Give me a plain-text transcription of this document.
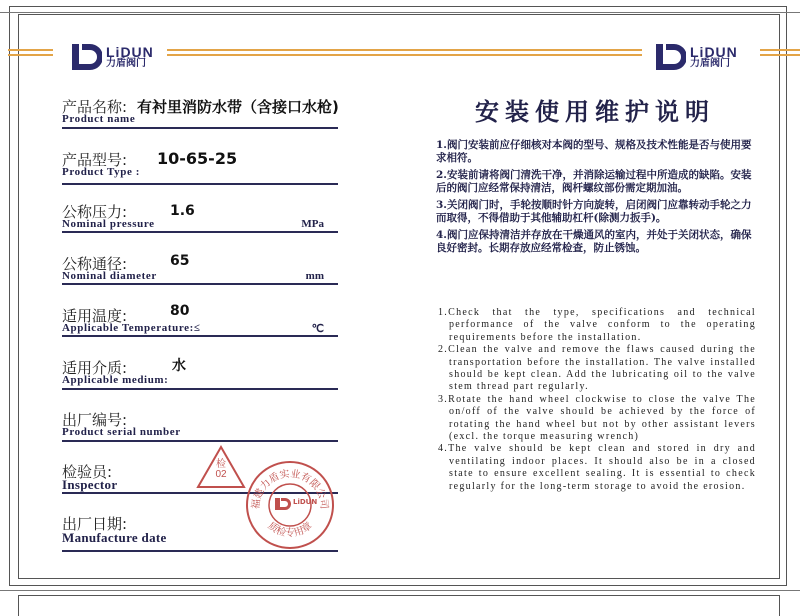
LiDUN
力盾阀门
LiDUN
力盾阀门
产品名称: 有衬里消防水带（含接口水枪)
Product name
产品型号: 10-65-25
Product Type :
公称压力:	1.6
Nominal pressure	MPa
公称通径:	65
Nominal diameter	mm
适用温度:	80
Applicable Temperature:≤	℃
适用介质:	水
Applicable medium:
出厂编号:
Product serial number
检验员:
Inspector
出厂日期:
Manufacture date
检
02
福建力盾实业有限公司
质检专用章
LiDUN
安装使用维护说明

1.阀门安装前应仔细核对本阀的型号、规格及技术性能是否与使用要求相符。

2.安装前请将阀门清洗干净，并消除运输过程中所造成的缺陷。安装后的阀门应经常保持清洁，阀杆螺纹部份需定期加油。

3.关闭阀门时，手轮按顺时针方向旋转，启闭阀门应靠转动手轮之力而取得，不得借助于其他辅助杠杆(除测力扳手)。

4.阀门应保持清洁并存放在干燥通风的室内，并处于关闭状态，确保良好密封。长期存放应经常检查，防止锈蚀。

1.Check that the type, specifications and technical performance of the valve conform to the operating requirements before the installation.

2.Clean the valve and remove the flaws caused during the transportation before the installation. The valve installed should be kept clean. Add the lubricating oil to the valve stem thread part regularly.

3.Rotate the hand wheel clockwise to close the valve The on/off of the valve should be achieved by the force of rotating the hand wheel but not by other assistant levers (excl. the torque measuring wrench)

4.The valve should be kept clean and stored in dry and ventilating indoor places. It should also be in a closed state to ensure excellent sealing. It is essential to check regularly for the long-term storage to avoid the erosion.
